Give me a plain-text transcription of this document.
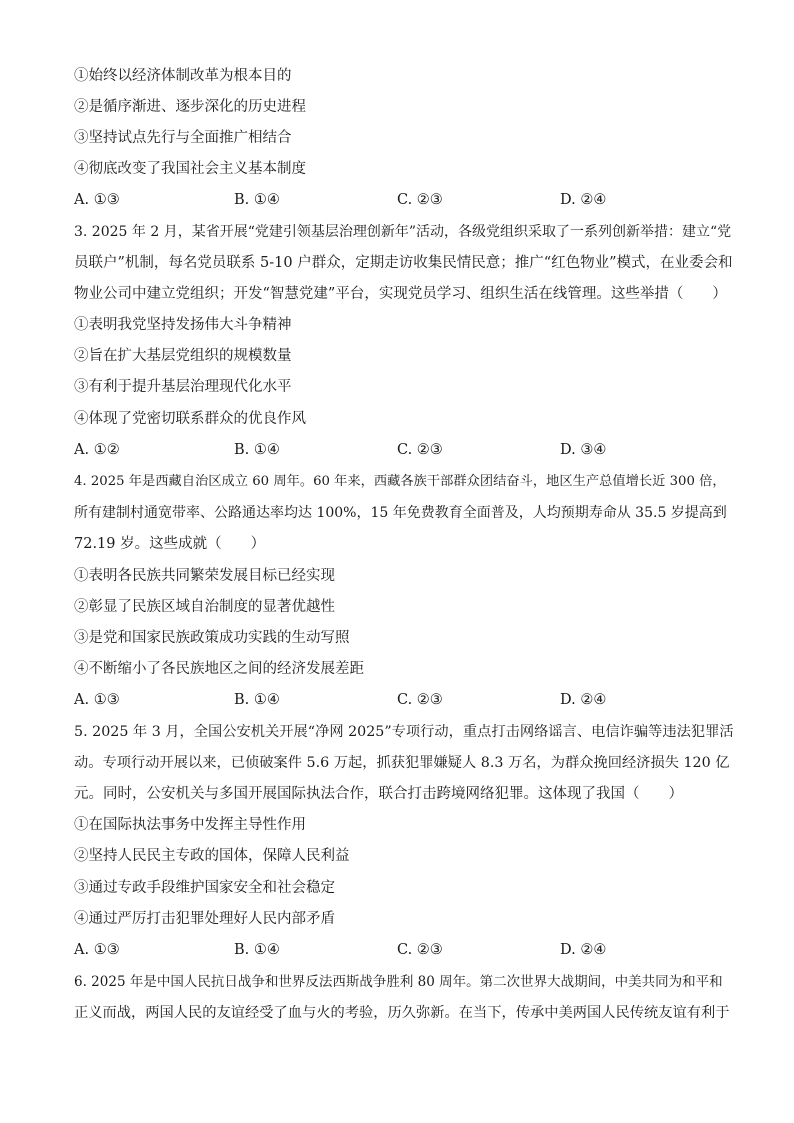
①始终以经济体制改革为根本目的
②是循序渐进、逐步深化的历史进程
③坚持试点先行与全面推广相结合
④彻底改变了我国社会主义基本制度
A. ①③	B. ①④	C. ②③	D. ②④
3. 2025 年 2 月，某省开展“党建引领基层治理创新年”活动，各级党组织采取了一系列创新举措：建立“党
员联户”机制，每名党员联系 5-10 户群众，定期走访收集民情民意；推广“红色物业”模式，在业委会和
物业公司中建立党组织；开发“智慧党建”平台，实现党员学习、组织生活在线管理。这些举措（　　）
①表明我党坚持发扬伟大斗争精神
②旨在扩大基层党组织的规模数量
③有利于提升基层治理现代化水平
④体现了党密切联系群众的优良作风
A. ①②	B. ①④	C. ②③	D. ③④
4. 2025 年是西藏自治区成立 60 周年。60 年来，西藏各族干部群众团结奋斗，地区生产总值增长近 300 倍，
所有建制村通宽带率、公路通达率均达 100%，15 年免费教育全面普及，人均预期寿命从 35.5 岁提高到
72.19 岁。这些成就（　　）
①表明各民族共同繁荣发展目标已经实现
②彰显了民族区域自治制度的显著优越性
③是党和国家民族政策成功实践的生动写照
④不断缩小了各民族地区之间的经济发展差距
A. ①③	B. ①④	C. ②③	D. ②④
5. 2025 年 3 月，全国公安机关开展“净网 2025”专项行动，重点打击网络谣言、电信诈骗等违法犯罪活
动。专项行动开展以来，已侦破案件 5.6 万起，抓获犯罪嫌疑人 8.3 万名，为群众挽回经济损失 120 亿
元。同时，公安机关与多国开展国际执法合作，联合打击跨境网络犯罪。这体现了我国（　　）
①在国际执法事务中发挥主导性作用
②坚持人民民主专政的国体，保障人民利益
③通过专政手段维护国家安全和社会稳定
④通过严厉打击犯罪处理好人民内部矛盾
A. ①③	B. ①④	C. ②③	D. ②④
6. 2025 年是中国人民抗日战争和世界反法西斯战争胜利 80 周年。第二次世界大战期间，中美共同为和平和
正义而战，两国人民的友谊经受了血与火的考验，历久弥新。在当下，传承中美两国人民传统友谊有利于
